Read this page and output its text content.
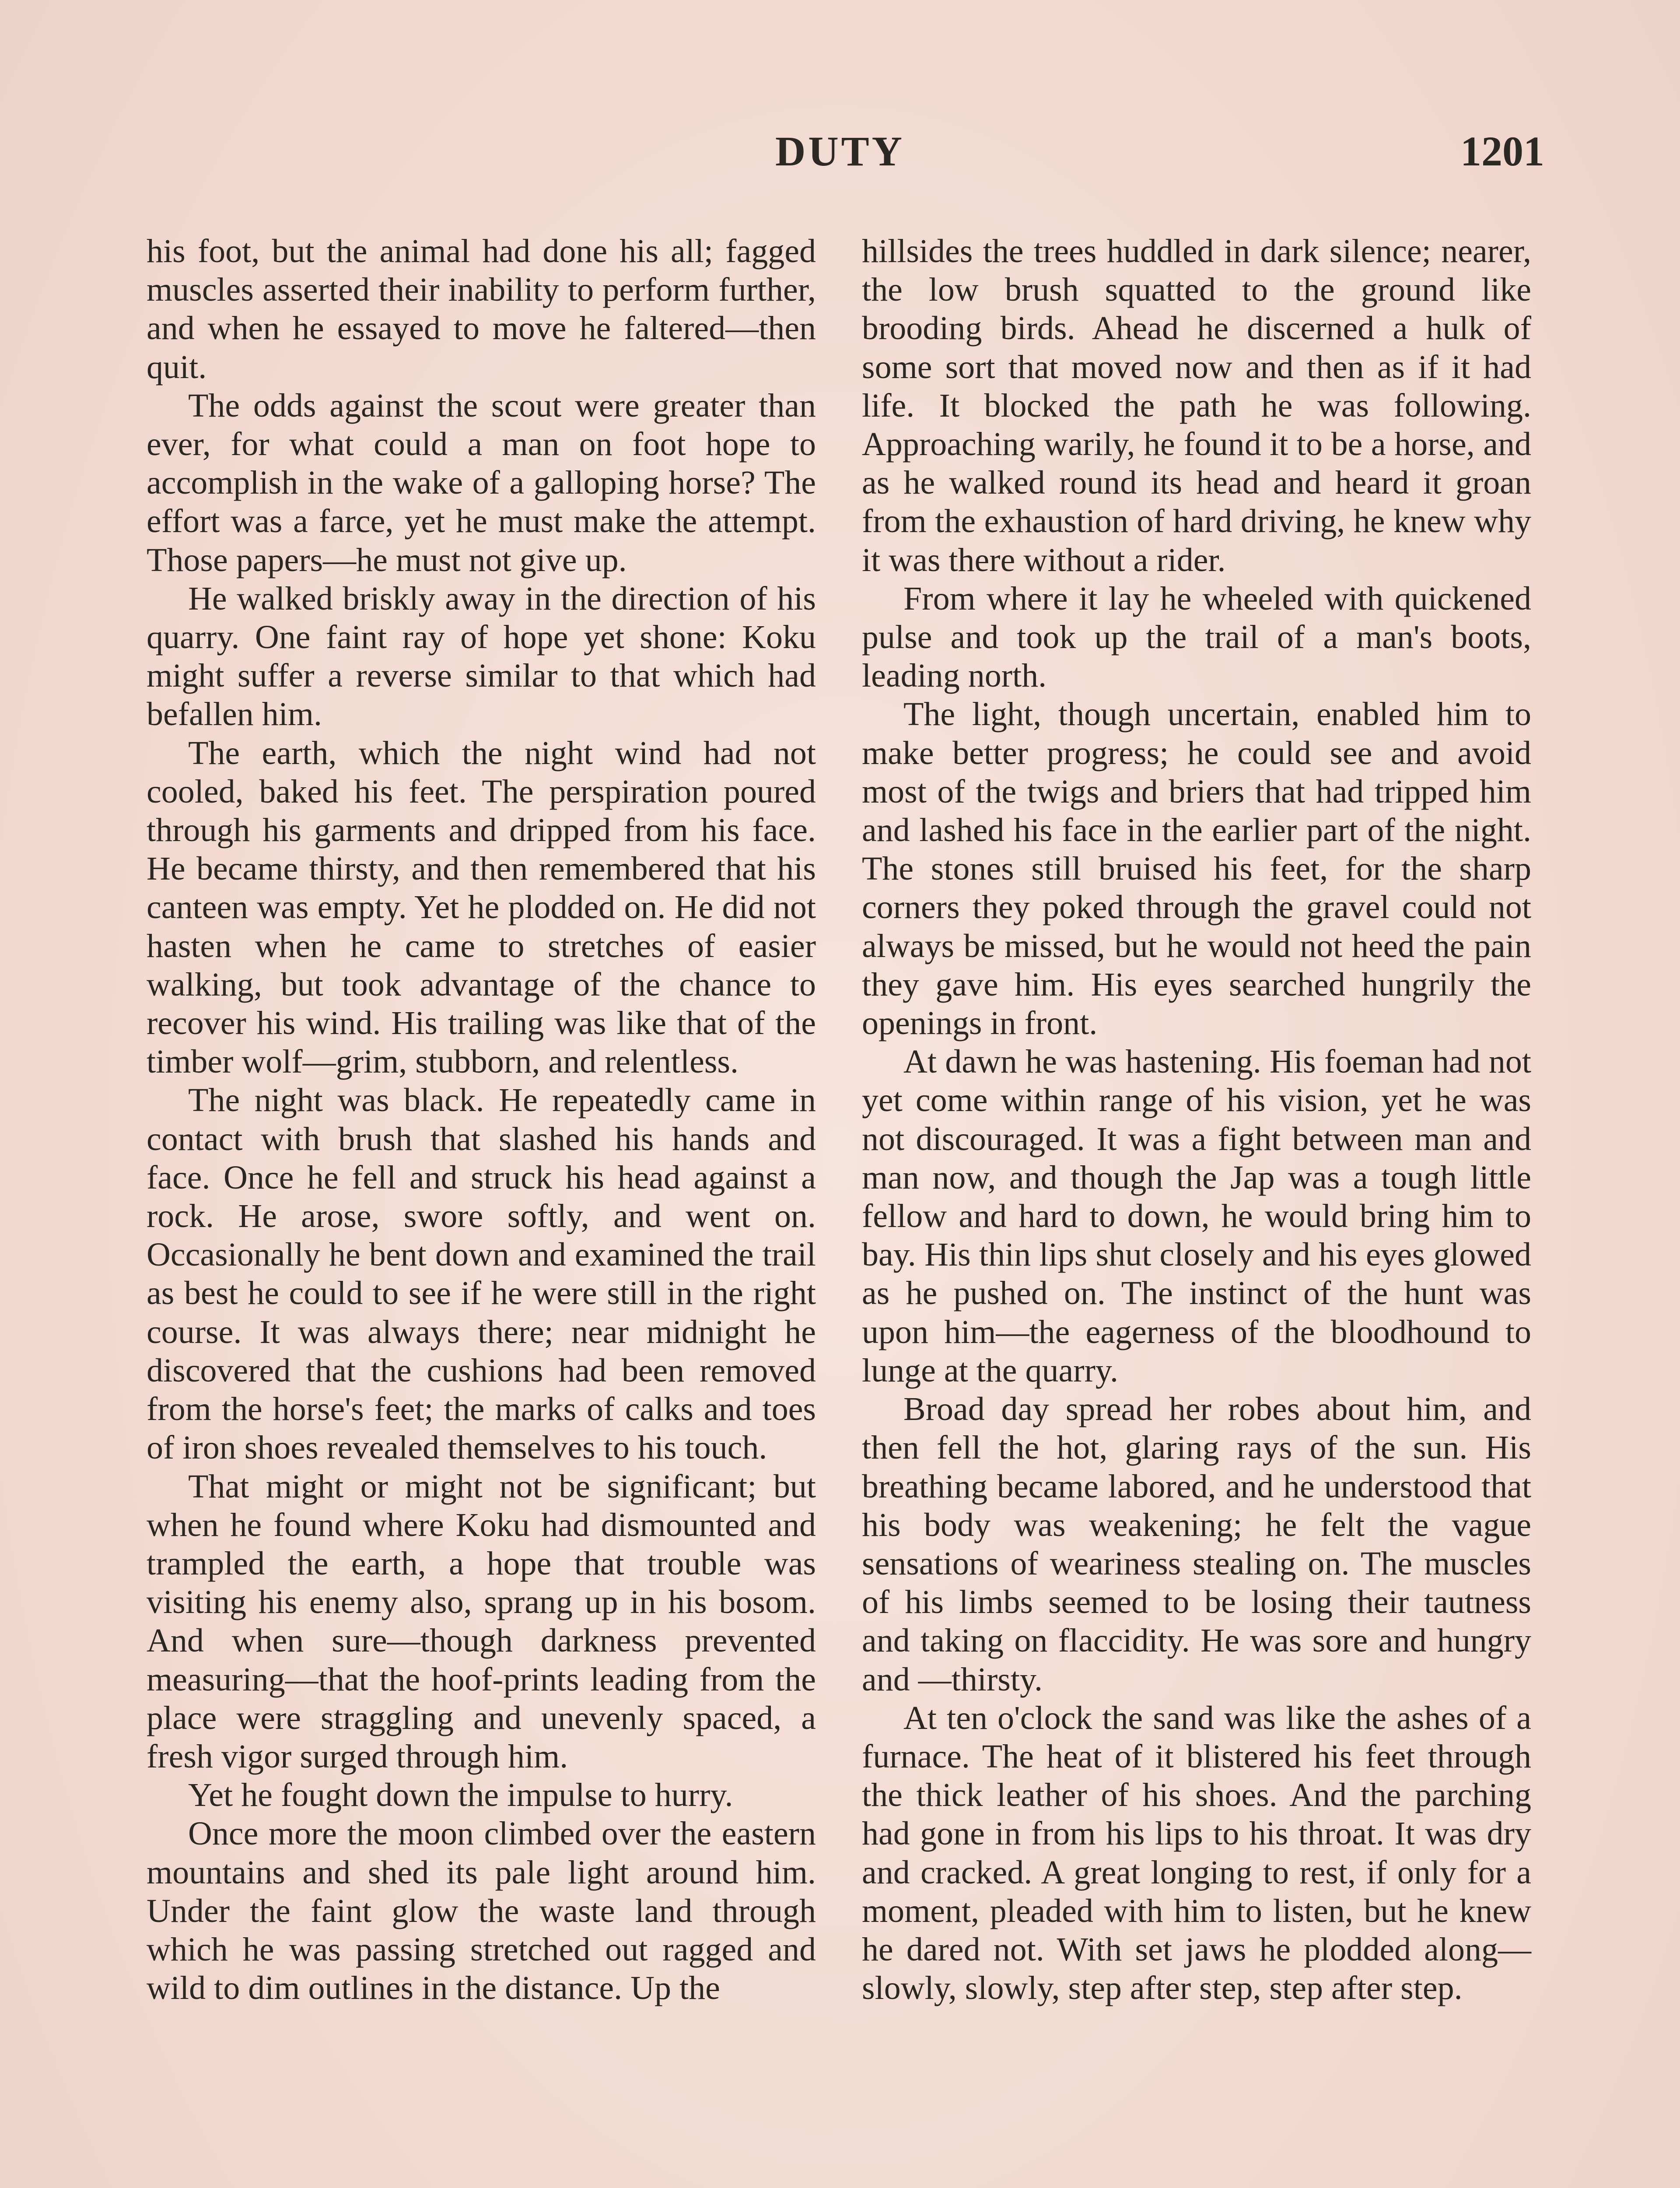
DUTY	1201

his foot, but the animal had done his all; fagged muscles asserted their inability to perform further, and when he essayed to move he faltered—then quit.

The odds against the scout were greater than ever, for what could a man on foot hope to accomplish in the wake of a galloping horse? The effort was a farce, yet he must make the attempt. Those papers—he must not give up.

He walked briskly away in the direction of his quarry. One faint ray of hope yet shone: Koku might suffer a reverse similar to that which had befallen him.

The earth, which the night wind had not cooled, baked his feet. The perspiration poured through his garments and dripped from his face. He became thirsty, and then remembered that his canteen was empty. Yet he plodded on. He did not hasten when he came to stretches of easier walking, but took advantage of the chance to recover his wind. His trailing was like that of the timber wolf—grim, stubborn, and relentless.

The night was black. He repeatedly came in contact with brush that slashed his hands and face. Once he fell and struck his head against a rock. He arose, swore softly, and went on. Occasionally he bent down and examined the trail as best he could to see if he were still in the right course. It was always there; near midnight he discovered that the cushions had been removed from the horse's feet; the marks of calks and toes of iron shoes revealed themselves to his touch.

That might or might not be significant; but when he found where Koku had dismounted and trampled the earth, a hope that trouble was visiting his enemy also, sprang up in his bosom. And when sure—though darkness prevented measuring—that the hoof-prints leading from the place were straggling and unevenly spaced, a fresh vigor surged through him.

Yet he fought down the impulse to hurry.

Once more the moon climbed over the eastern mountains and shed its pale light around him. Under the faint glow the waste land through which he was passing stretched out ragged and wild to dim outlines in the distance. Up the

hillsides the trees huddled in dark silence; nearer, the low brush squatted to the ground like brooding birds. Ahead he discerned a hulk of some sort that moved now and then as if it had life. It blocked the path he was following. Approaching warily, he found it to be a horse, and as he walked round its head and heard it groan from the exhaustion of hard driving, he knew why it was there without a rider.

From where it lay he wheeled with quickened pulse and took up the trail of a man's boots, leading north.

The light, though uncertain, enabled him to make better progress; he could see and avoid most of the twigs and briers that had tripped him and lashed his face in the earlier part of the night. The stones still bruised his feet, for the sharp corners they poked through the gravel could not always be missed, but he would not heed the pain they gave him. His eyes searched hungrily the openings in front.

At dawn he was hastening. His foeman had not yet come within range of his vision, yet he was not discouraged. It was a fight between man and man now, and though the Jap was a tough little fellow and hard to down, he would bring him to bay. His thin lips shut closely and his eyes glowed as he pushed on. The instinct of the hunt was upon him—the eagerness of the bloodhound to lunge at the quarry.

Broad day spread her robes about him, and then fell the hot, glaring rays of the sun. His breathing became labored, and he understood that his body was weakening; he felt the vague sensations of weariness stealing on. The muscles of his limbs seemed to be losing their tautness and taking on flaccidity. He was sore and hungry and —thirsty.

At ten o'clock the sand was like the ashes of a furnace. The heat of it blistered his feet through the thick leather of his shoes. And the parching had gone in from his lips to his throat. It was dry and cracked. A great longing to rest, if only for a moment, pleaded with him to listen, but he knew he dared not. With set jaws he plodded along—slowly, slowly, step after step, step after step.
